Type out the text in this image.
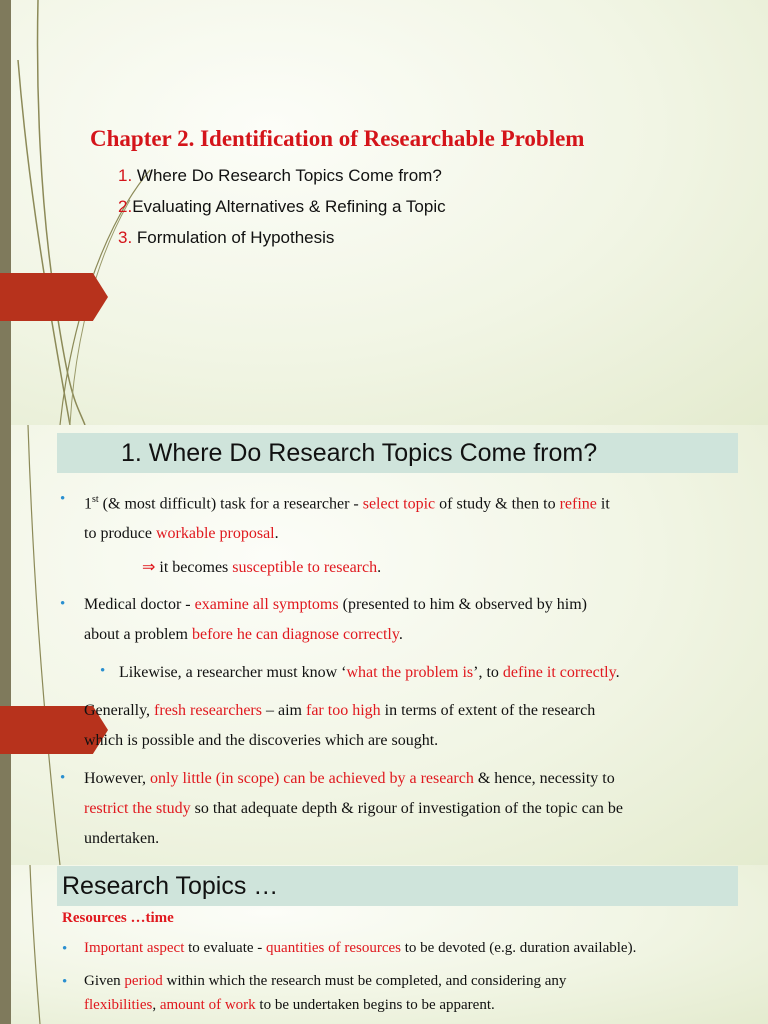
Chapter 2. Identification of Researchable Problem
1. Where Do Research Topics Come from?
2.Evaluating Alternatives & Refining a Topic
3. Formulation of Hypothesis
1. Where Do Research Topics Come from?
• 1st (& most difficult) task for a researcher - select topic of study & then to refine it
to produce workable proposal.
⇒ it becomes susceptible to research.
• Medical doctor - examine all symptoms (presented to him & observed by him)
about a problem before he can diagnose correctly.
• Likewise, a researcher must know ‘what the problem is’, to define it correctly.
Generally, fresh researchers – aim far too high in terms of extent of the research
which is possible and the discoveries which are sought.
• However, only little (in scope) can be achieved by a research & hence, necessity to
restrict the study so that adequate depth & rigour of investigation of the topic can be
undertaken.
Research Topics …
Resources …time
• Important aspect to evaluate - quantities of resources to be devoted (e.g. duration available).
• Given period within which the research must be completed, and considering any
flexibilities, amount of work to be undertaken begins to be apparent.
